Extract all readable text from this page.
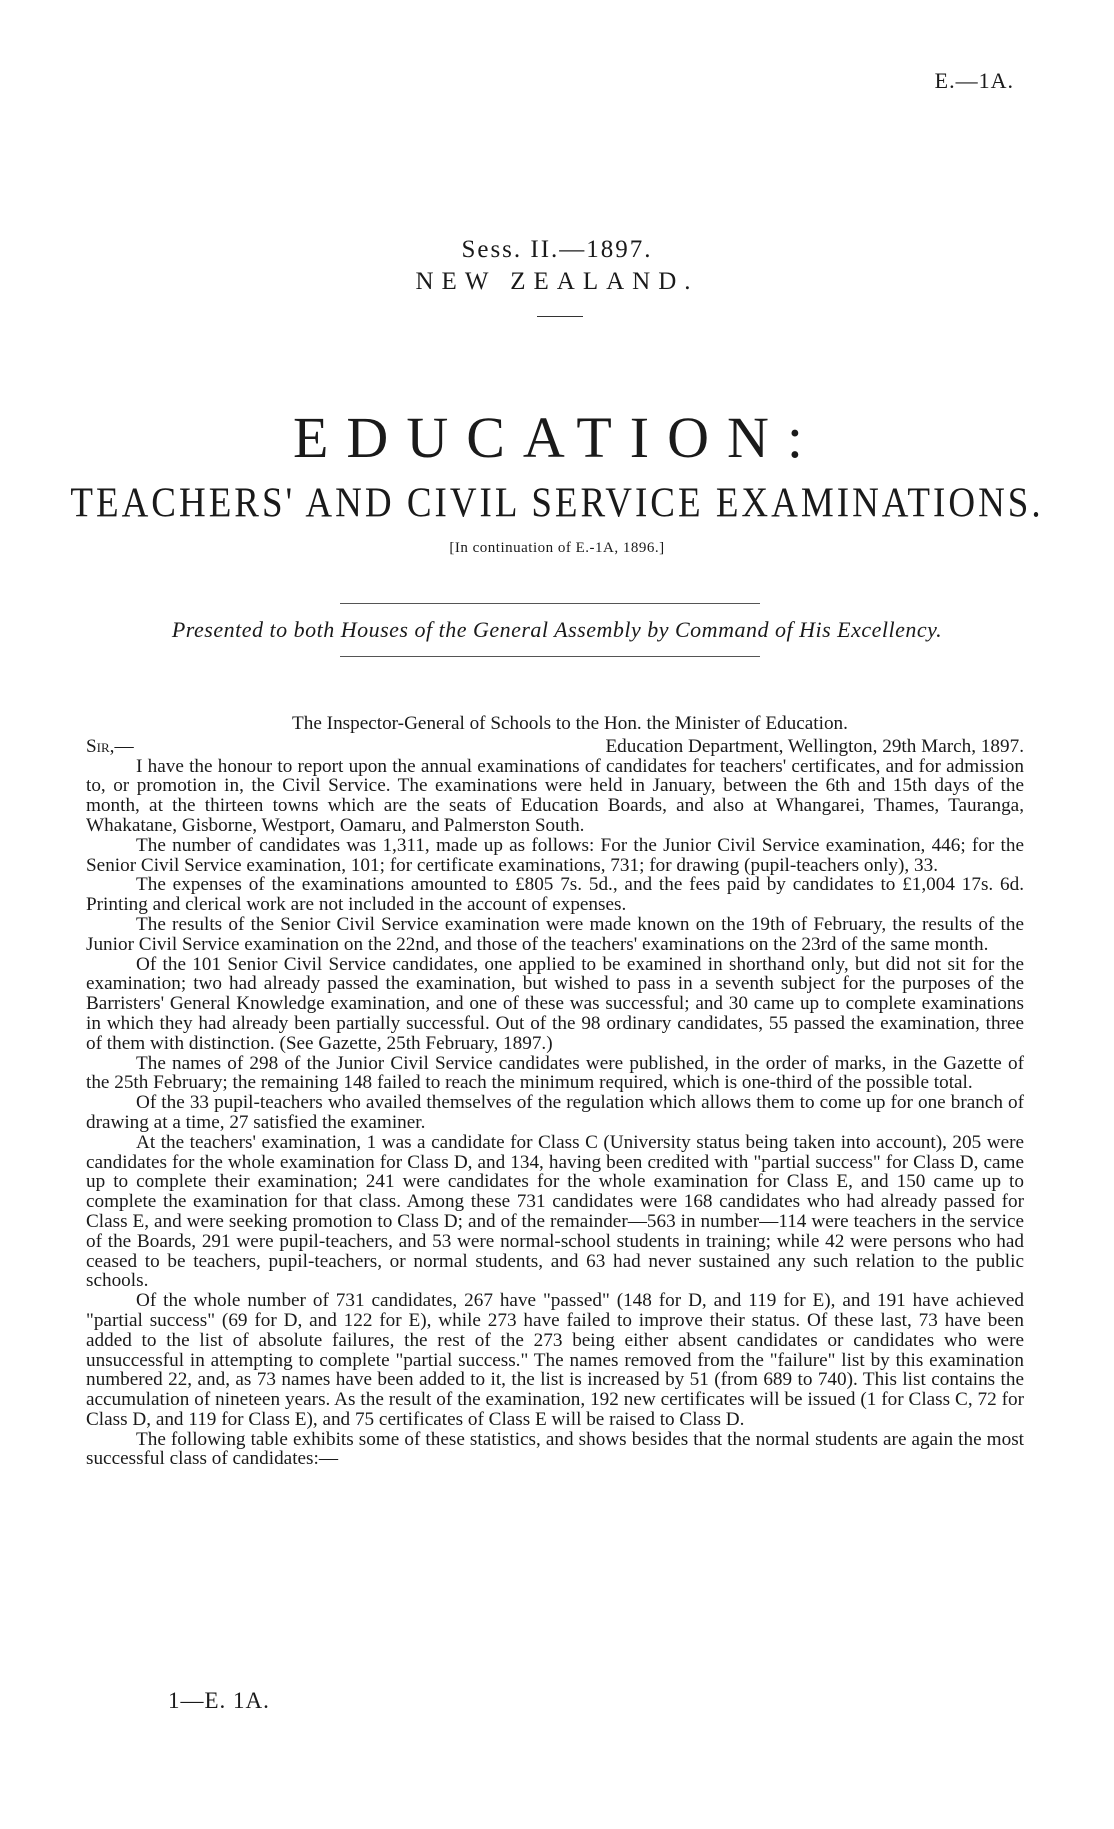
E.—1A.
Sess. II.—1897.
NEW ZEALAND.
EDUCATION:
TEACHERS' AND CIVIL SERVICE EXAMINATIONS.
[In continuation of E.-1A, 1896.]
Presented to both Houses of the General Assembly by Command of His Excellency.
The Inspector-General of Schools to the Hon. the Minister of Education.
Sir,—	Education Department, Wellington, 29th March, 1897.

I have the honour to report upon the annual examinations of candidates for teachers' certificates, and for admission to, or promotion in, the Civil Service. The examinations were held in January, between the 6th and 15th days of the month, at the thirteen towns which are the seats of Education Boards, and also at Whangarei, Thames, Tauranga, Whakatane, Gisborne, Westport, Oamaru, and Palmerston South.

The number of candidates was 1,311, made up as follows: For the Junior Civil Service examination, 446; for the Senior Civil Service examination, 101; for certificate examinations, 731; for drawing (pupil-teachers only), 33.

The expenses of the examinations amounted to £805 7s. 5d., and the fees paid by candidates to £1,004 17s. 6d. Printing and clerical work are not included in the account of expenses.

The results of the Senior Civil Service examination were made known on the 19th of February, the results of the Junior Civil Service examination on the 22nd, and those of the teachers' examinations on the 23rd of the same month.

Of the 101 Senior Civil Service candidates, one applied to be examined in shorthand only, but did not sit for the examination; two had already passed the examination, but wished to pass in a seventh subject for the purposes of the Barristers' General Knowledge examination, and one of these was successful; and 30 came up to complete examinations in which they had already been partially successful. Out of the 98 ordinary candidates, 55 passed the examination, three of them with distinction. (See Gazette, 25th February, 1897.)

The names of 298 of the Junior Civil Service candidates were published, in the order of marks, in the Gazette of the 25th February; the remaining 148 failed to reach the minimum required, which is one-third of the possible total.

Of the 33 pupil-teachers who availed themselves of the regulation which allows them to come up for one branch of drawing at a time, 27 satisfied the examiner.

At the teachers' examination, 1 was a candidate for Class C (University status being taken into account), 205 were candidates for the whole examination for Class D, and 134, having been credited with "partial success" for Class D, came up to complete their examination; 241 were candidates for the whole examination for Class E, and 150 came up to complete the examination for that class. Among these 731 candidates were 168 candidates who had already passed for Class E, and were seeking promotion to Class D; and of the remainder—563 in number—114 were teachers in the service of the Boards, 291 were pupil-teachers, and 53 were normal-school students in training; while 42 were persons who had ceased to be teachers, pupil-teachers, or normal students, and 63 had never sustained any such relation to the public schools.

Of the whole number of 731 candidates, 267 have "passed" (148 for D, and 119 for E), and 191 have achieved "partial success" (69 for D, and 122 for E), while 273 have failed to improve their status. Of these last, 73 have been added to the list of absolute failures, the rest of the 273 being either absent candidates or candidates who were unsuccessful in attempting to complete "partial success." The names removed from the "failure" list by this examination numbered 22, and, as 73 names have been added to it, the list is increased by 51 (from 689 to 740). This list contains the accumulation of nineteen years. As the result of the examination, 192 new certificates will be issued (1 for Class C, 72 for Class D, and 119 for Class E), and 75 certificates of Class E will be raised to Class D.

The following table exhibits some of these statistics, and shows besides that the normal students are again the most successful class of candidates:—

1—E. 1A.
